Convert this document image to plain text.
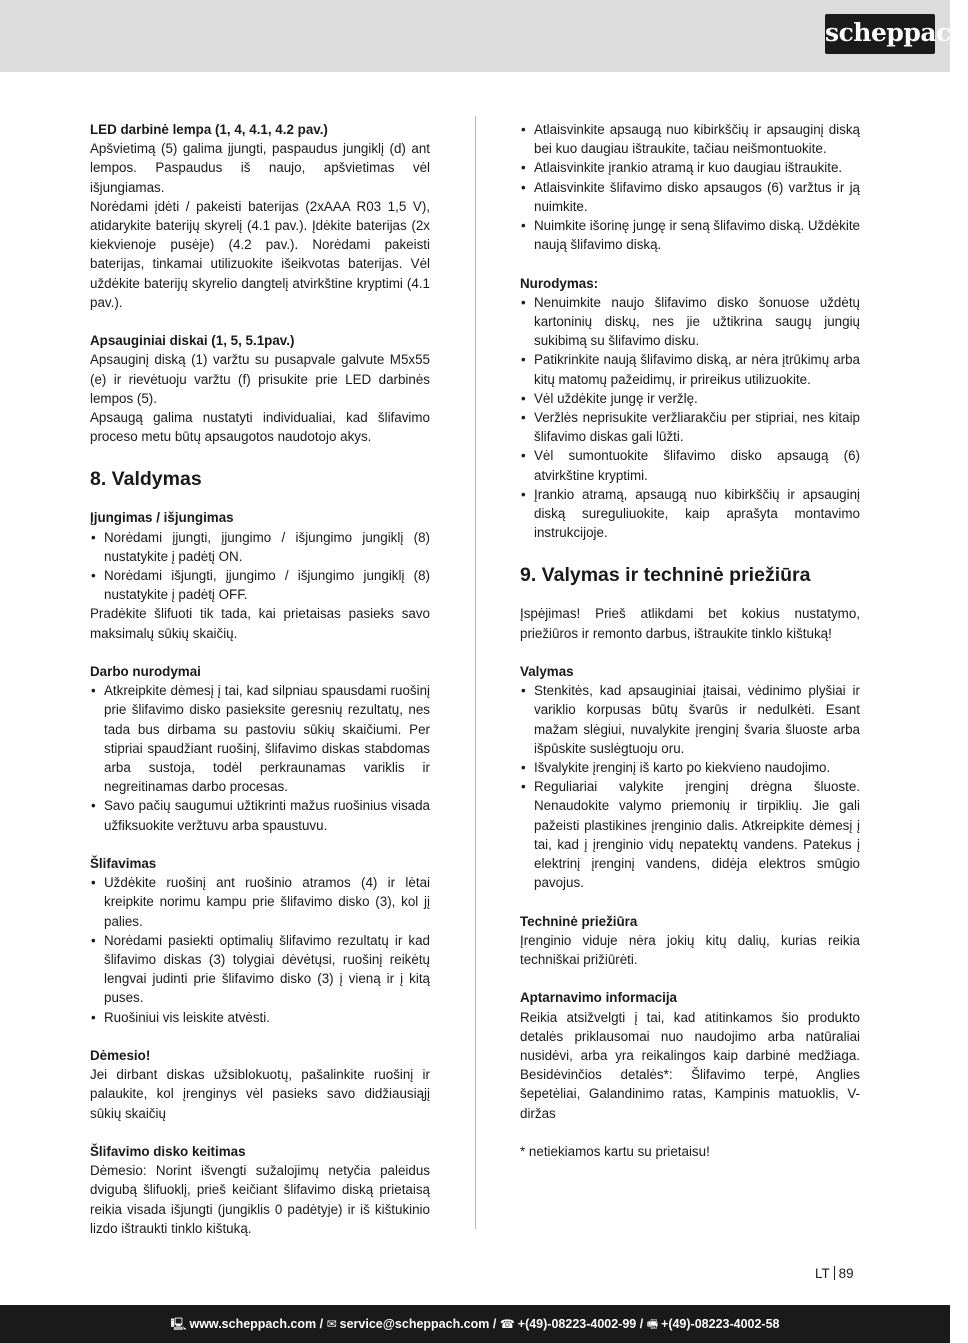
scheppach

LED darbinė lempa (1, 4, 4.1, 4.2 pav.)

Apšvietimą (5) galima įjungti, paspaudus jungiklį (d) ant lempos. Paspaudus iš naujo, apšvietimas vėl išjungiamas.

Norėdami įdėti / pakeisti baterijas (2xAAA R03 1,5 V), atidarykite baterijų skyrelį (4.1 pav.). Įdėkite baterijas (2x kiekvienoje pusėje) (4.2 pav.). Norėdami pakeisti baterijas, tinkamai utilizuokite išeikvotas baterijas. Vėl uždėkite baterijų skyrelio dangtelį atvirkštine kryptimi (4.1 pav.).

Apsauginiai diskai (1, 5, 5.1pav.)

Apsauginį diską (1) varžtu su pusapvale galvute M5x55 (e) ir rievėtuoju varžtu (f) prisukite prie LED darbinės lempos (5).

Apsaugą galima nustatyti individualiai, kad šlifavimo proceso metu būtų apsaugotos naudotojo akys.

8. Valdymas

Įjungimas / išjungimas

• Norėdami įjungti, įjungimo / išjungimo jungiklį (8) nustatykite į padėtį ON.
• Norėdami išjungti, įjungimo / išjungimo jungiklį (8) nustatykite į padėtį OFF.

Pradėkite šlifuoti tik tada, kai prietaisas pasieks savo maksimalų sūkių skaičių.

Darbo nurodymai

• Atkreipkite dėmesį į tai, kad silpniau spausdami ruošinį prie šlifavimo disko pasieksite geresnių rezultatų, nes tada bus dirbama su pastoviu sūkių skaičiumi. Per stipriai spaudžiant ruošinį, šlifavimo diskas stabdomas arba sustoja, todėl perkraunamas variklis ir negreitinamas darbo procesas.
• Savo pačių saugumui užtikrinti mažus ruošinius visada užfiksuokite veržtuvu arba spaustuvu.

Šlifavimas

• Uždėkite ruošinį ant ruošinio atramos (4) ir lėtai kreipkite norimu kampu prie šlifavimo disko (3), kol jį palies.
• Norėdami pasiekti optimalių šlifavimo rezultatų ir kad šlifavimo diskas (3) tolygiai dėvėtųsi, ruošinį reikėtų lengvai judinti prie šlifavimo disko (3) į vieną ir į kitą puses.
• Ruošiniui vis leiskite atvėsti.

Dėmesio!

Jei dirbant diskas užsiblokuotų, pašalinkite ruošinį ir palaukite, kol įrenginys vėl pasieks savo didžiausiąjį sūkių skaičių

Šlifavimo disko keitimas

Dėmesio: Norint išvengti sužalojimų netyčia paleidus dvigubą šlifuoklį, prieš keičiant šlifavimo diską prietaisą reikia visada išjungti (jungiklis 0 padėtyje) ir iš kištukinio lizdo ištraukti tinklo kištuką.

• Atlaisvinkite apsaugą nuo kibirkščių ir apsauginį diską bei kuo daugiau ištraukite, tačiau neišmontuokite.
• Atlaisvinkite įrankio atramą ir kuo daugiau ištraukite.
• Atlaisvinkite šlifavimo disko apsaugos (6) varžtus ir ją nuimkite.
• Nuimkite išorinę jungę ir seną šlifavimo diską. Uždėkite naują šlifavimo diską.

Nurodymas:

• Nenuimkite naujo šlifavimo disko šonuose uždėtų kartoninių diskų, nes jie užtikrina saugų jungių sukibimą su šlifavimo disku.
• Patikrinkite naują šlifavimo diską, ar nėra įtrūkimų arba kitų matomų pažeidimų, ir prireikus utilizuokite.
• Vėl uždėkite jungę ir veržlę.
• Veržlės neprisukite veržliarakčiu per stipriai, nes kitaip šlifavimo diskas gali lūžti.
• Vėl sumontuokite šlifavimo disko apsaugą (6) atvirkštine kryptimi.
• Įrankio atramą, apsaugą nuo kibirkščių ir apsauginį diską sureguliuokite, kaip aprašyta montavimo instrukcijoje.
9. Valymas ir techninė priežiūra

Įspėjimas! Prieš atlikdami bet kokius nustatymo, priežiūros ir remonto darbus, ištraukite tinklo kištuką!

Valymas

• Stenkitės, kad apsauginiai įtaisai, vėdinimo plyšiai ir variklio korpusas būtų švarūs ir nedulkėti. Esant mažam slėgiui, nuvalykite įrenginį švaria šluoste arba išpūskite suslėgtuoju oru.
• Išvalykite įrenginį iš karto po kiekvieno naudojimo.
• Reguliariai valykite įrenginį drėgna šluoste. Nenaudokite valymo priemonių ir tirpiklių. Jie gali pažeisti plastikines įrenginio dalis. Atkreipkite dėmesį į tai, kad į įrenginio vidų nepatektų vandens. Patekus į elektrinį įrenginį vandens, didėja elektros smūgio pavojus.

Techninė priežiūra

Įrenginio viduje nėra jokių kitų dalių, kurias reikia techniškai prižiūrėti.

Aptarnavimo informacija

Reikia atsižvelgti į tai, kad atitinkamos šio produkto detalės priklausomai nuo naudojimo arba natūraliai nusidėvi, arba yra reikalingos kaip darbinė medžiaga. Besidėvinčios detalės*: Šlifavimo terpė, Anglies šepetėliai, Galandinimo ratas, Kampinis matuoklis, V-diržas

* netiekiamos kartu su prietaisu!

LT 89
🖳 www.scheppach.com / ✉ service@scheppach.com / ☎ +(49)-08223-4002-99 / 🖷 +(49)-08223-4002-58
